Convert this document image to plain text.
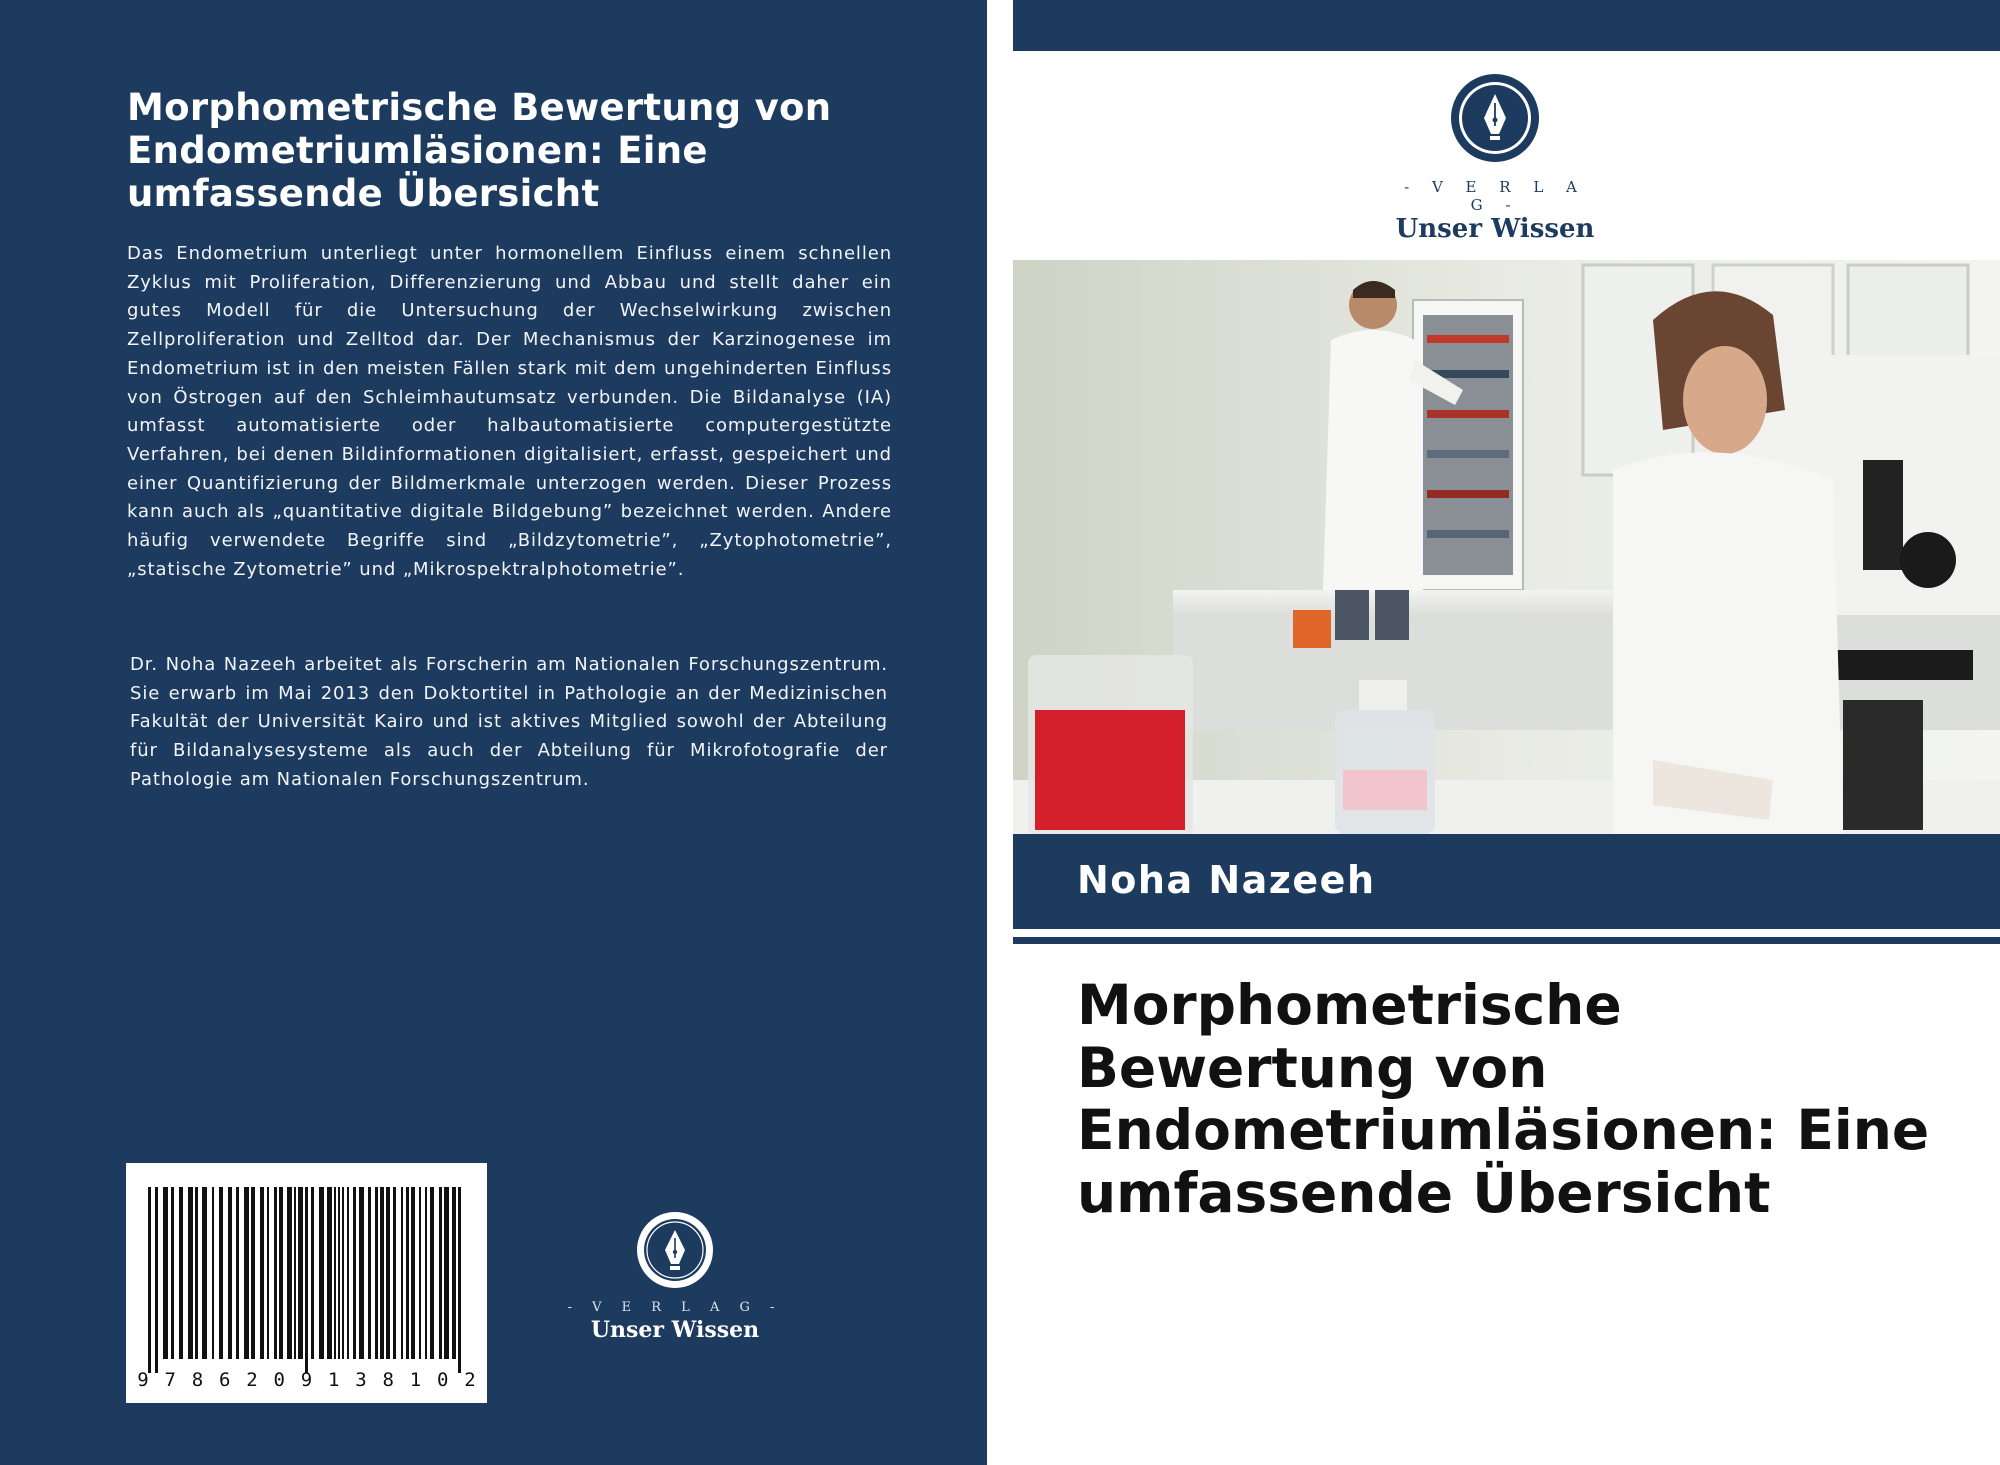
Morphometrische Bewertung von Endometriumläsionen: Eine umfassende Übersicht

Das Endometrium unterliegt unter hormonellem Einfluss einem schnellen Zyklus mit Proliferation, Differenzierung und Abbau und stellt daher ein gutes Modell für die Untersuchung der Wechselwirkung zwischen Zellproliferation und Zelltod dar. Der Mechanismus der Karzinogenese im Endometrium ist in den meisten Fällen stark mit dem ungehinderten Einfluss von Östrogen auf den Schleimhautumsatz verbunden. Die Bildanalyse (IA) umfasst automatisierte oder halbautomatisierte computergestützte Verfahren, bei denen Bildinformationen digitalisiert, erfasst, gespeichert und einer Quantifizierung der Bildmerkmale unterzogen werden. Dieser Prozess kann auch als „quantitative digitale Bildgebung” bezeichnet werden. Andere häufig verwendete Begriffe sind „Bildzytometrie”, „Zytophotometrie”, „statische Zytometrie” und „Mikrospektralphotometrie”.

Dr. Noha Nazeeh arbeitet als Forscherin am Nationalen Forschungszentrum. Sie erwarb im Mai 2013 den Doktortitel in Pathologie an der Medizinischen Fakultät der Universität Kairo und ist aktives Mitglied sowohl der Abteilung für Bildanalysesysteme als auch der Abteilung für Mikrofotografie der Pathologie am Nationalen Forschungszentrum.

9 7 8 6 2 0 9 1 3 8 1 0 2
- V E R L A G -
Unser Wissen
- V E R L A G -
Unser Wissen
Noha Nazeeh
Morphometrische Bewertung von Endometriumläsionen: Eine umfassende Übersicht
